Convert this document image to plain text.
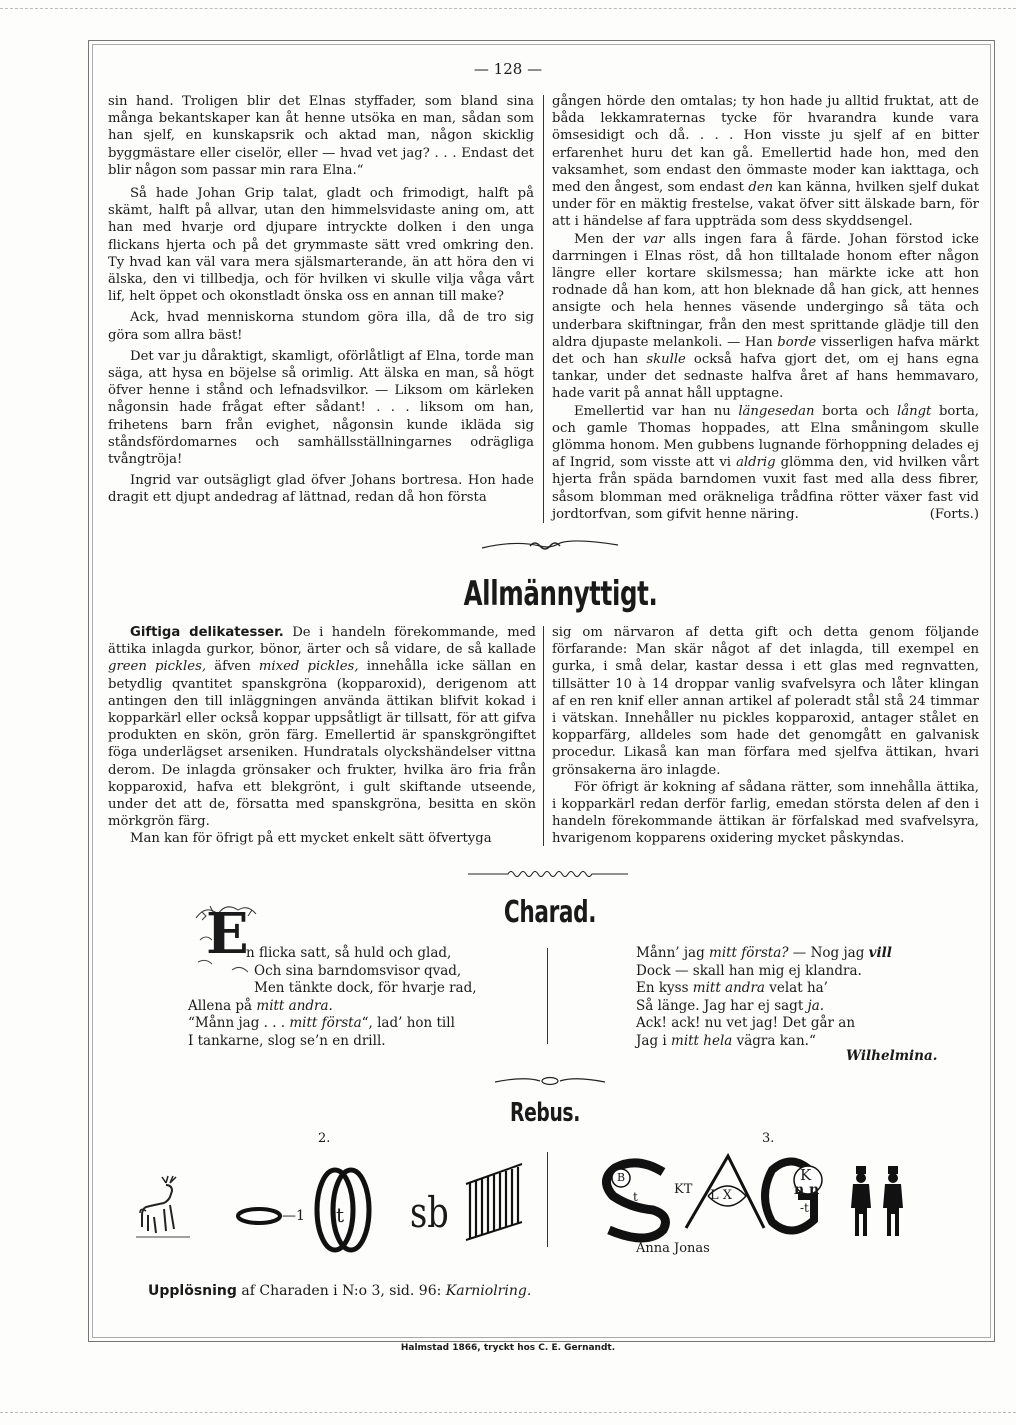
— 128 —

sin hand. Troligen blir det Elnas styffader, som bland sina många bekantskaper kan åt henne utsöka en man, sådan som han sjelf, en kunskapsrik och aktad man, någon skicklig byggmästare eller ciselör, eller — hvad vet jag? . . . Endast det blir någon som passar min rara Elna.“

Så hade Johan Grip talat, gladt och frimodigt, halft på skämt, halft på allvar, utan den himmelsvidaste aning om, att han med hvarje ord djupare intryckte dolken i den unga flickans hjerta och på det grymmaste sätt vred omkring den. Ty hvad kan väl vara mera själsmarterande, än att höra den vi älska, den vi tillbedja, och för hvilken vi skulle vilja våga vårt lif, helt öppet och okonstladt önska oss en annan till make?

Ack, hvad menniskorna stundom göra illa, då de tro sig göra som allra bäst!

Det var ju dåraktigt, skamligt, oförlåtligt af Elna, torde man säga, att hysa en böjelse så orimlig. Att älska en man, så högt öfver henne i stånd och lefnadsvilkor. — Liksom om kärleken någonsin hade frågat efter sådant! . . . liksom om han, frihetens barn från evighet, någonsin kunde ikläda sig ståndsfördomarnes och samhällsställningarnes odrägliga tvångtröja!

Ingrid var outsägligt glad öfver Johans bortresa. Hon hade dragit ett djupt andedrag af lättnad, redan då hon första

gången hörde den omtalas; ty hon hade ju alltid fruktat, att de båda lekkamraternas tycke för hvarandra kunde vara ömsesidigt och då. . . . Hon visste ju sjelf af en bitter erfarenhet huru det kan gå. Emellertid hade hon, med den vaksamhet, som endast den ömmaste moder kan iakttaga, och med den ångest, som endast den kan känna, hvilken sjelf dukat under för en mäktig frestelse, vakat öfver sitt älskade barn, för att i händelse af fara uppträda som dess skyddsengel.

Men der var alls ingen fara å färde. Johan förstod icke darrningen i Elnas röst, då hon tilltalade honom efter någon längre eller kortare skilsmessa; han märkte icke att hon rodnade då han kom, att hon bleknade då han gick, att hennes ansigte och hela hennes väsende undergingo så täta och underbara skiftningar, från den mest sprittande glädje till den aldra djupaste melankoli. — Han borde visserligen hafva märkt det och han skulle också hafva gjort det, om ej hans egna tankar, under det sednaste halfva året af hans hemmavaro, hade varit på annat håll upptagne.

Emellertid var han nu längesedan borta och långt borta, och gamle Thomas hoppades, att Elna småningom skulle glömma honom. Men gubbens lugnande förhoppning delades ej af Ingrid, som visste att vi aldrig glömma den, vid hvilken vårt hjerta från späda barndomen vuxit fast med alla dess fibrer, såsom blomman med oräkneliga trådfina rötter växer fast vid jordtorfvan, som gifvit henne näring.	(Forts.)

Allmännyttigt.

Giftiga delikatesser. De i handeln förekommande, med ättika inlagda gurkor, bönor, ärter och så vidare, de så kallade green pickles, äfven mixed pickles, innehålla icke sällan en betydlig qvantitet spanskgröna (kopparoxid), derigenom att antingen den till inläggningen använda ättikan blifvit kokad i kopparkärl eller också koppar uppsåtligt är tillsatt, för att gifva produkten en skön, grön färg. Emellertid är spanskgröngiftet föga underlägset arseniken. Hundratals olyckshändelser vittna derom. De inlagda grönsaker och frukter, hvilka äro fria från kopparoxid, hafva ett blekgrönt, i gult skiftande utseende, under det att de, försatta med spanskgröna, besitta en skön mörkgrön färg.

Man kan för öfrigt på ett mycket enkelt sätt öfvertyga

sig om närvaron af detta gift och detta genom följande förfarande: Man skär något af det inlagda, till exempel en gurka, i små delar, kastar dessa i ett glas med regnvatten, tillsätter 10 à 14 droppar vanlig svafvelsyra och låter klingan af en ren knif eller annan artikel af poleradt stål stå 24 timmar i vätskan. Innehåller nu pickles kopparoxid, antager stålet en kopparfärg, alldeles som hade det genomgått en galvanisk procedur. Likaså kan man förfara med sjelfva ättikan, hvari grönsakerna äro inlagde.

För öfrigt är kokning af sådana rätter, som innehålla ättika, i kopparkärl redan derför farlig, emedan största delen af den i handeln förekommande ättikan är förfalskad med svafvelsyra, hvarigenom kopparens oxidering mycket påskyndas.

Charad.
E
n flicka satt, så huld och glad,
Och sina barndomsvisor qvad,
Men tänkte dock, för hvarje rad,
Allena på mitt andra.
“Månn jag . . . mitt första“, lad’ hon till
I tankarne, slog se’n en drill.
Månn’ jag mitt första? — Nog jag vill
Dock — skall han mig ej klandra.
En kyss mitt andra velat ha’
Så länge. Jag har ej sagt ja.
Ack! ack! nu vet jag! Det går an
Jag i mitt hela vägra kan.“
Wilhelmina.
Rebus.
2.	3.
—1 t sb
B
t	KT L X
K
n n
-t
Anna Jonas
Upplösning af Charaden i N:o 3, sid. 96: Karniolring.
Halmstad 1866, tryckt hos C. E. Gernandt.
